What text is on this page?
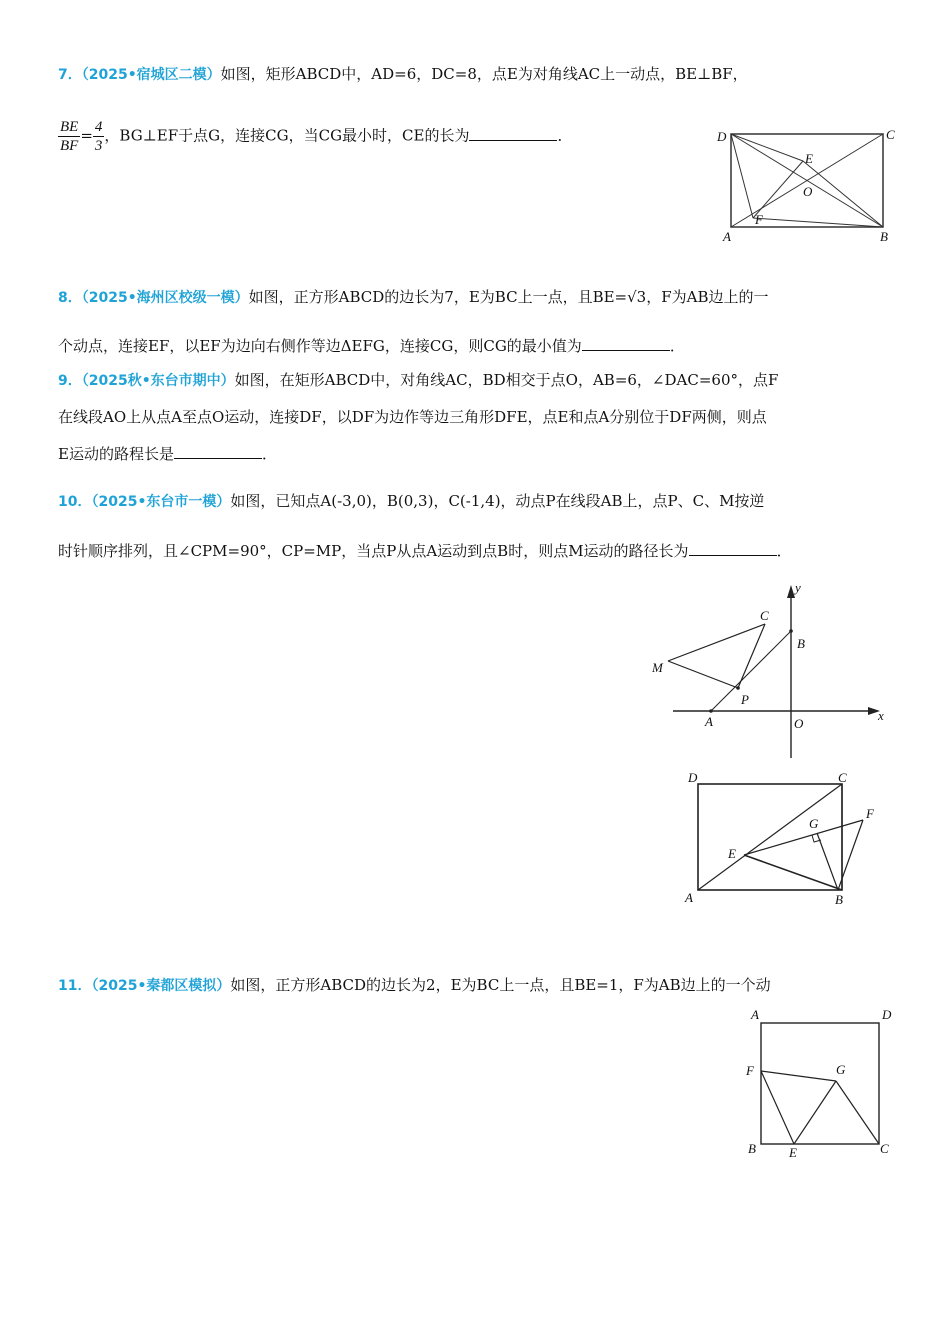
7．（2025•宿城区二模）如图，矩形ABCD中，AD=6，DC=8，点E为对角线AC上一动点，BE⊥BF，
$\frac{BE}{BF} = \frac{4}{3}$ ，BG⊥EF于点G，连接CG，当CG最小时，CE的长为	．	D	C
E
O
F
A	B
8．（2025•海州区校级一模）如图，正方形ABCD的边长为7，E为BC上一点，且BE=√3，F为AB边上的一
个动点，连接EF，以EF为边向右侧作等边ΔEFG，连接CG，则CG的最小值为	．
9．（2025秋•东台市期中）如图，在矩形ABCD中，对角线AC，BD相交于点O，AB=6，∠DAC=60°，点F
在线段AO上从点A至点O运动，连接DF，以DF为边作等边三角形DFE，点E和点A分别位于DF两侧，则点
E运动的路程长是	．
10．（2025•东台市一模）如图，已知点A(-3,0)，B(0,3)，C(-1,4)，动点P在线段AB上，点P、C、M按逆
时针顺序排列，且∠CPM=90°，CP=MP，当点P从点A运动到点B时，则点M运动的路径长为	．
y
x
C
B
M
P
A	O
D	C
G
F
E
A	B
11．（2025•秦都区模拟）如图，正方形ABCD的边长为2，E为BC上一点，且BE=1，F为AB边上的一个动
A	D
F	G
B	E	C
